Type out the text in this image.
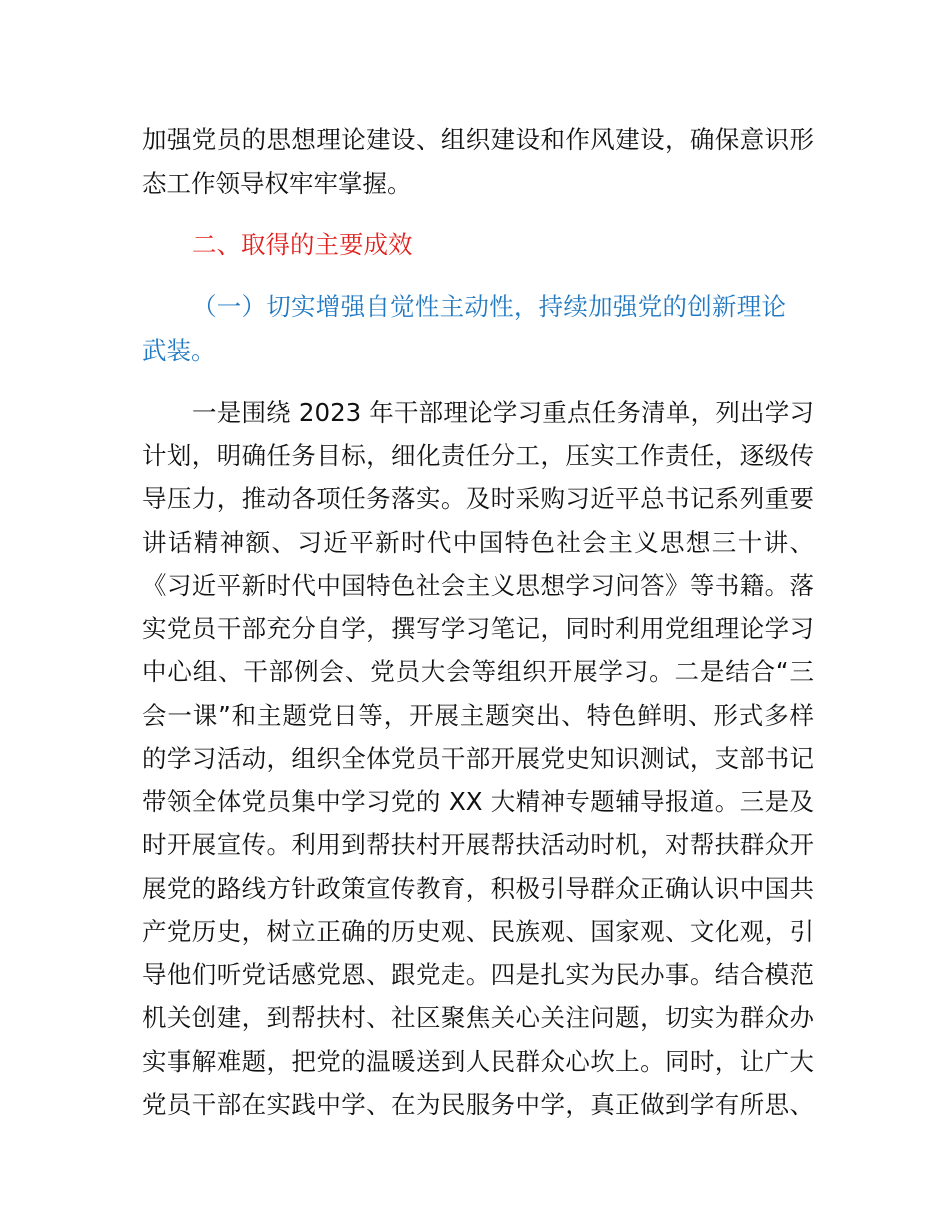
加强党员的思想理论建设、组织建设和作风建设，确保意识形
态工作领导权牢牢掌握。
二、取得的主要成效
（一）切实增强自觉性主动性，持续加强党的创新理论
武装。
一是围绕 2023 年干部理论学习重点任务清单，列出学习
计划，明确任务目标，细化责任分工，压实工作责任，逐级传
导压力，推动各项任务落实。及时采购习近平总书记系列重要
讲话精神额、习近平新时代中国特色社会主义思想三十讲、
《习近平新时代中国特色社会主义思想学习问答》等书籍。落
实党员干部充分自学，撰写学习笔记，同时利用党组理论学习
中心组、干部例会、党员大会等组织开展学习。二是结合“三
会一课”和主题党日等，开展主题突出、特色鲜明、形式多样
的学习活动，组织全体党员干部开展党史知识测试，支部书记
带领全体党员集中学习党的 XX 大精神专题辅导报道。三是及
时开展宣传。利用到帮扶村开展帮扶活动时机，对帮扶群众开
展党的路线方针政策宣传教育，积极引导群众正确认识中国共
产党历史，树立正确的历史观、民族观、国家观、文化观，引
导他们听党话感党恩、跟党走。四是扎实为民办事。结合模范
机关创建，到帮扶村、社区聚焦关心关注问题，切实为群众办
实事解难题，把党的温暖送到人民群众心坎上。同时，让广大
党员干部在实践中学、在为民服务中学，真正做到学有所思、
